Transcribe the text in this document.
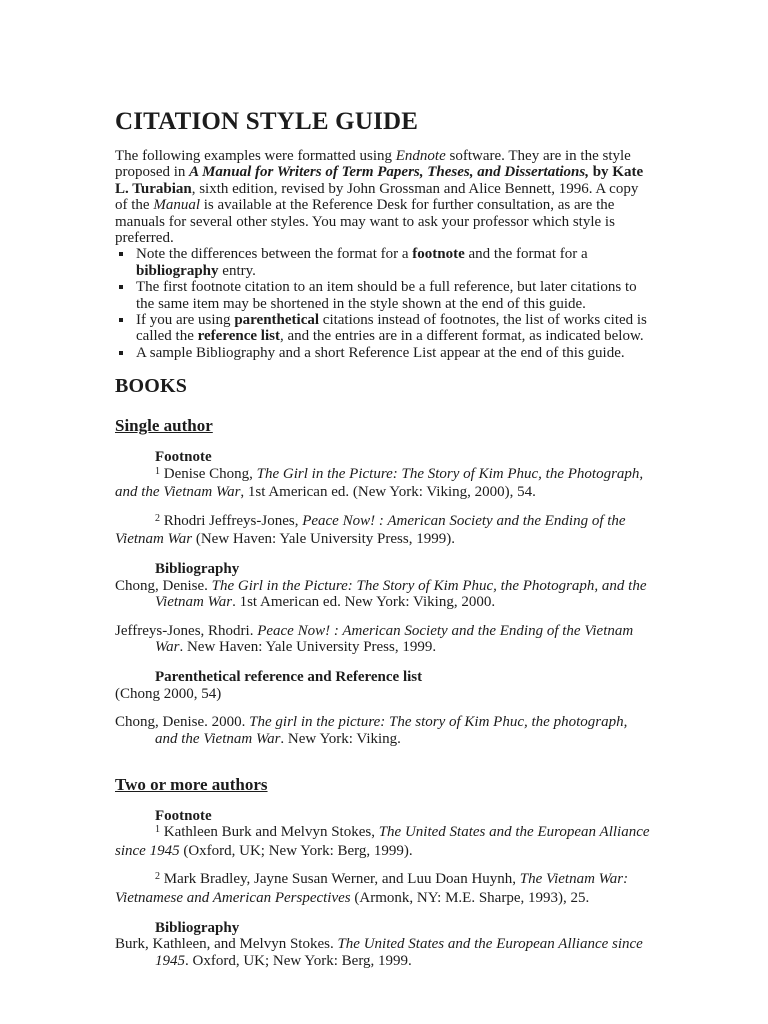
CITATION STYLE GUIDE

The following examples were formatted using Endnote software. They are in the style proposed in A Manual for Writers of Term Papers, Theses, and Dissertations, by Kate L. Turabian, sixth edition, revised by John Grossman and Alice Bennett, 1996. A copy of the Manual is available at the Reference Desk for further consultation, as are the manuals for several other styles. You may want to ask your professor which style is preferred.

Note the differences between the format for a footnote and the format for a bibliography entry.
The first footnote citation to an item should be a full reference, but later citations to the same item may be shortened in the style shown at the end of this guide.
If you are using parenthetical citations instead of footnotes, the list of works cited is called the reference list, and the entries are in a different format, as indicated below.
A sample Bibliography and a short Reference List appear at the end of this guide.
BOOKS
Single author

Footnote

$^1$ Denise Chong, The Girl in the Picture: The Story of Kim Phuc, the Photograph, and the Vietnam War, 1st American ed. (New York: Viking, 2000), 54.

$^2$ Rhodri Jeffreys-Jones, Peace Now! : American Society and the Ending of the Vietnam War (New Haven: Yale University Press, 1999).

Bibliography

Chong, Denise. The Girl in the Picture: The Story of Kim Phuc, the Photograph, and the Vietnam War. 1st American ed. New York: Viking, 2000.

Jeffreys-Jones, Rhodri. Peace Now! : American Society and the Ending of the Vietnam War. New Haven: Yale University Press, 1999.

Parenthetical reference and Reference list

(Chong 2000, 54)

Chong, Denise. 2000. The girl in the picture: The story of Kim Phuc, the photograph, and the Vietnam War. New York: Viking.

Two or more authors

Footnote

$^1$ Kathleen Burk and Melvyn Stokes, The United States and the European Alliance since 1945 (Oxford, UK; New York: Berg, 1999).

$^2$ Mark Bradley, Jayne Susan Werner, and Luu Doan Huynh, The Vietnam War: Vietnamese and American Perspectives (Armonk, NY: M.E. Sharpe, 1993), 25.

Bibliography

Burk, Kathleen, and Melvyn Stokes. The United States and the European Alliance since 1945. Oxford, UK; New York: Berg, 1999.
